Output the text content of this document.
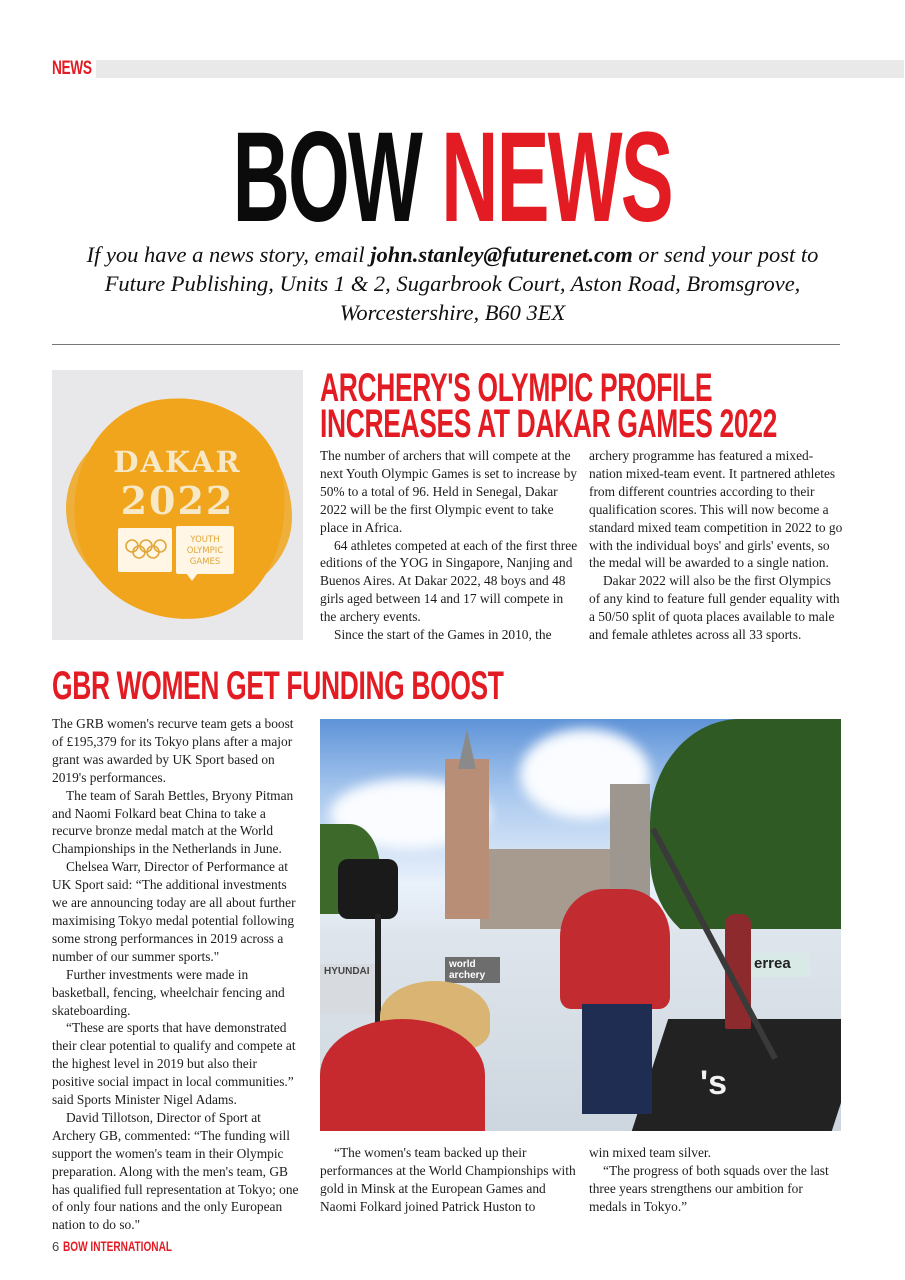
NEWS
BOW NEWS
If you have a news story, email john.stanley@futurenet.com or send your post to Future Publishing, Units 1 & 2, Sugarbrook Court, Aston Road, Bromsgrove, Worcestershire, B60 3EX
DAKAR
2022
YOUTH
OLYMPIC
GAMES
ARCHERY'S OLYMPIC PROFILE
INCREASES AT DAKAR GAMES 2022

The number of archers that will compete at the next Youth Olympic Games is set to increase by 50% to a total of 96. Held in Senegal, Dakar 2022 will be the first Olympic event to take place in Africa.

64 athletes competed at each of the first three editions of the YOG in Singapore, Nanjing and Buenos Aires. At Dakar 2022, 48 boys and 48 girls aged between 14 and 17 will compete in the archery events.

Since the start of the Games in 2010, the

archery programme has featured a mixed-nation mixed-team event. It partnered athletes from different countries according to their qualification scores. This will now become a standard mixed team competition in 2022 to go with the individual boys' and girls' events, so the medal will be awarded to a single nation.

Dakar 2022 will also be the first Olympics of any kind to feature full gender equality with a 50/50 split of quota places available to male and female athletes across all 33 sports.

GBR WOMEN GET FUNDING BOOST

The GRB women's recurve team gets a boost of £195,379 for its Tokyo plans after a major grant was awarded by UK Sport based on 2019's performances.

The team of Sarah Bettles, Bryony Pitman and Naomi Folkard beat China to take a recurve bronze medal match at the World Championships in the Netherlands in June.

Chelsea Warr, Director of Performance at UK Sport said: “The additional investments we are announcing today are all about further maximising Tokyo medal potential following some strong performances in 2019 across a number of our summer sports."

Further investments were made in basketball, fencing, wheelchair fencing and skateboarding.

“These are sports that have demonstrated their clear potential to qualify and compete at the highest level in 2019 but also their positive social impact in local communities.” said Sports Minister Nigel Adams.

David Tillotson, Director of Sport at Archery GB, commented: “The funding will support the women's team in their Olympic preparation. Along with the men's team, GB has qualified full representation at Tokyo; one of only four nations and the only European nation to do so."

HYUNDAI
world archery
errea
's

“The women's team backed up their performances at the World Championships with gold in Minsk at the European Games and Naomi Folkard joined Patrick Huston to

win mixed team silver.

“The progress of both squads over the last three years strengthens our ambition for medals in Tokyo.”

6 BOW INTERNATIONAL
